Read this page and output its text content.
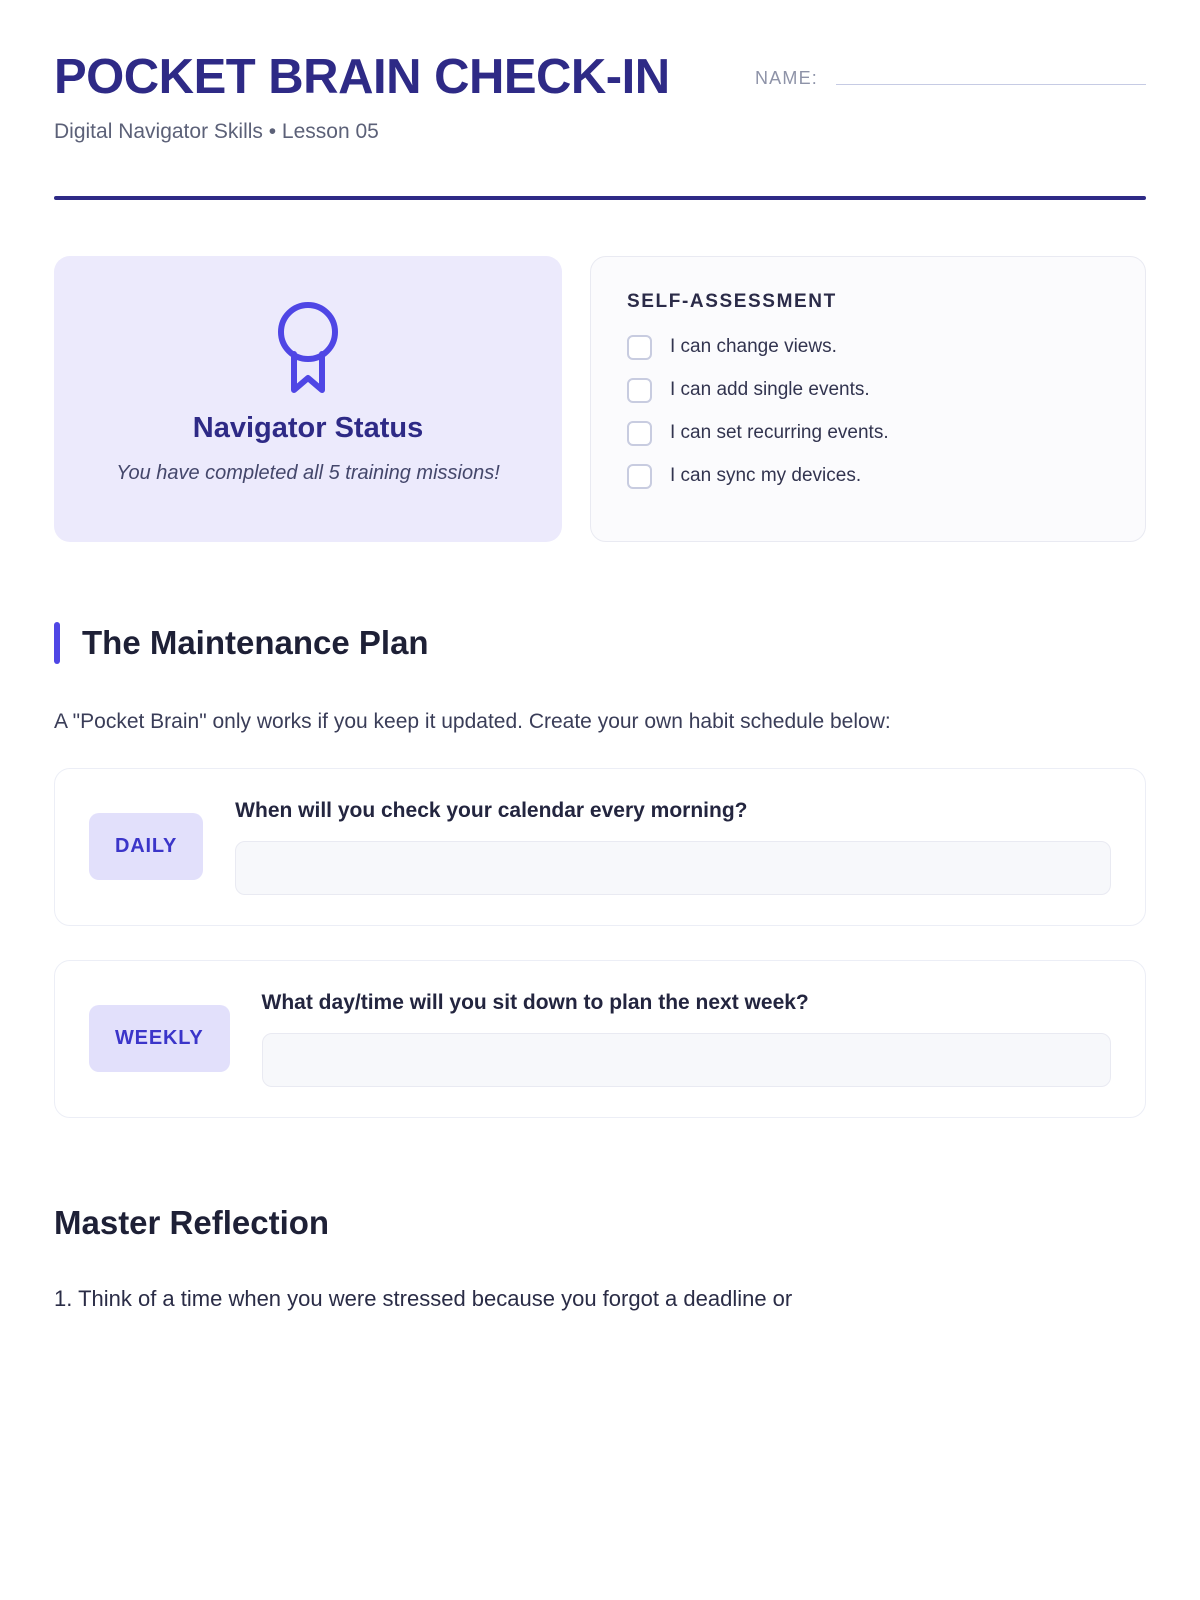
POCKET BRAIN CHECK-IN
Digital Navigator Skills • Lesson 05
NAME:
Navigator Status
You have completed all 5 training missions!
SELF-ASSESSMENT
I can change views.
I can add single events.
I can set recurring events.
I can sync my devices.
The Maintenance Plan
A "Pocket Brain" only works if you keep it updated. Create your own habit schedule below:
DAILY
When will you check your calendar every morning?
WEEKLY
What day/time will you sit down to plan the next week?
Master Reflection
1. Think of a time when you were stressed because you forgot a deadline or
